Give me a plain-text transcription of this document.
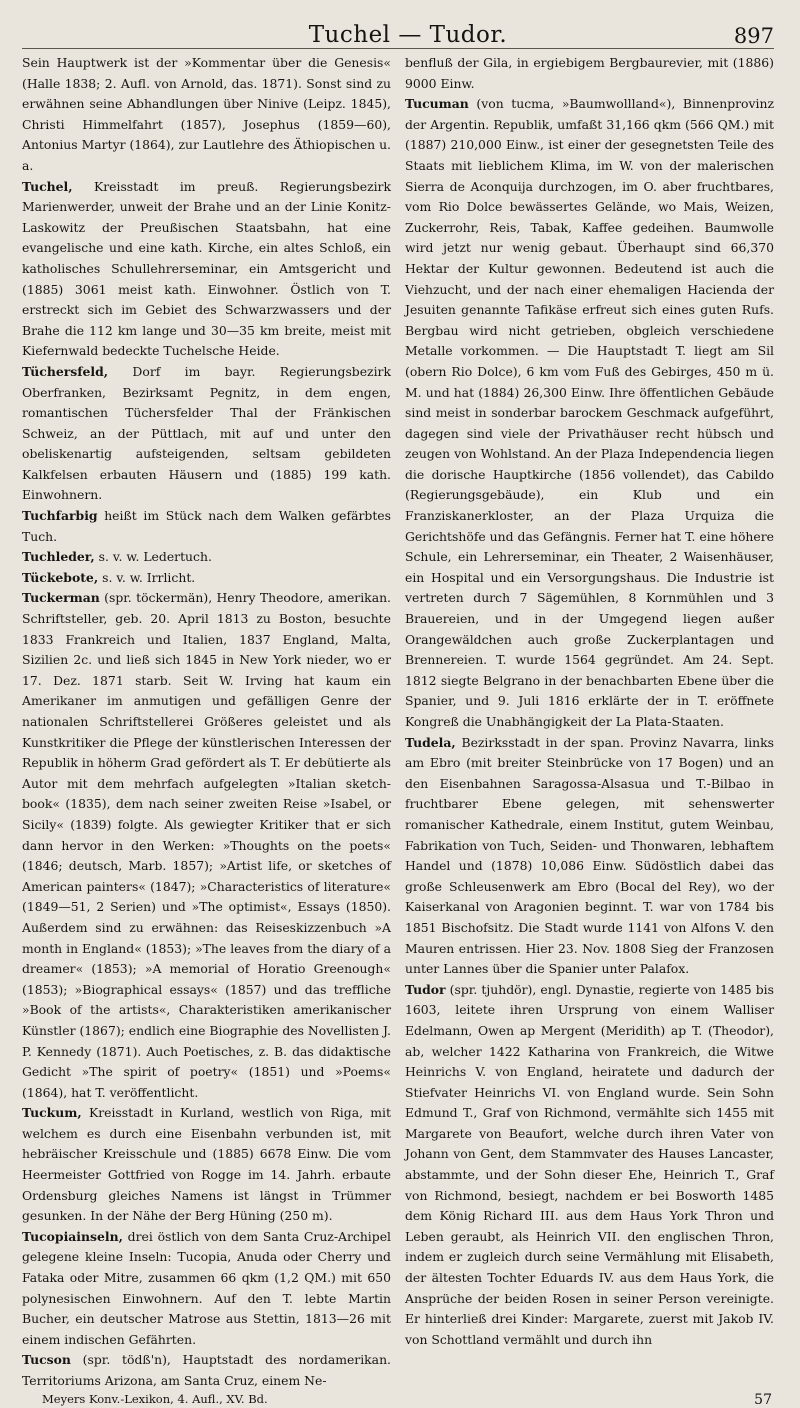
Tuchel — Tudor.	897

Sein Hauptwerk ist der »Kommentar über die Genesis« (Halle 1838; 2. Aufl. von Arnold, das. 1871). Sonst sind zu erwähnen seine Abhandlungen über Ninive (Leipz. 1845), Christi Himmelfahrt (1857), Josephus (1859—60), Antonius Martyr (1864), zur Lautlehre des Äthiopischen u. a.

Tuchel, Kreisstadt im preuß. Regierungsbezirk Marienwerder, unweit der Brahe und an der Linie Konitz-Laskowitz der Preußischen Staatsbahn, hat eine evangelische und eine kath. Kirche, ein altes Schloß, ein katholisches Schullehrerseminar, ein Amtsgericht und (1885) 3061 meist kath. Einwohner. Östlich von T. erstreckt sich im Gebiet des Schwarzwassers und der Brahe die 112 km lange und 30—35 km breite, meist mit Kiefernwald bedeckte Tuchelsche Heide.

Tüchersfeld, Dorf im bayr. Regierungsbezirk Oberfranken, Bezirksamt Pegnitz, in dem engen, romantischen Tüchersfelder Thal der Fränkischen Schweiz, an der Püttlach, mit auf und unter den obeliskenartig aufsteigenden, seltsam gebildeten Kalkfelsen erbauten Häusern und (1885) 199 kath. Einwohnern.

Tuchfarbig heißt im Stück nach dem Walken gefärbtes Tuch.

Tuchleder, s. v. w. Ledertuch.

Tückebote, s. v. w. Irrlicht.

Tuckerman (spr. töckermän), Henry Theodore, amerikan. Schriftsteller, geb. 20. April 1813 zu Boston, besuchte 1833 Frankreich und Italien, 1837 England, Malta, Sizilien 2c. und ließ sich 1845 in New York nieder, wo er 17. Dez. 1871 starb. Seit W. Irving hat kaum ein Amerikaner im anmutigen und gefälligen Genre der nationalen Schriftstellerei Größeres geleistet und als Kunstkritiker die Pflege der künstlerischen Interessen der Republik in höherm Grad gefördert als T. Er debütierte als Autor mit dem mehrfach aufgelegten »Italian sketch-book« (1835), dem nach seiner zweiten Reise »Isabel, or Sicily« (1839) folgte. Als gewiegter Kritiker that er sich dann hervor in den Werken: »Thoughts on the poets« (1846; deutsch, Marb. 1857); »Artist life, or sketches of American painters« (1847); »Characteristics of literature« (1849—51, 2 Serien) und »The optimist«, Essays (1850). Außerdem sind zu erwähnen: das Reiseskizzenbuch »A month in England« (1853); »The leaves from the diary of a dreamer« (1853); »A memorial of Horatio Greenough« (1853); »Biographical essays« (1857) und das treffliche »Book of the artists«, Charakteristiken amerikanischer Künstler (1867); endlich eine Biographie des Novellisten J. P. Kennedy (1871). Auch Poetisches, z. B. das didaktische Gedicht »The spirit of poetry« (1851) und »Poems« (1864), hat T. veröffentlicht.

Tuckum, Kreisstadt in Kurland, westlich von Riga, mit welchem es durch eine Eisenbahn verbunden ist, mit hebräischer Kreisschule und (1885) 6678 Einw. Die vom Heermeister Gottfried von Rogge im 14. Jahrh. erbaute Ordensburg gleiches Namens ist längst in Trümmer gesunken. In der Nähe der Berg Hüning (250 m).

Tucopiainseln, drei östlich von dem Santa Cruz-Archipel gelegene kleine Inseln: Tucopia, Anuda oder Cherry und Fataka oder Mitre, zusammen 66 qkm (1,2 QM.) mit 650 polynesischen Einwohnern. Auf den T. lebte Martin Bucher, ein deutscher Matrose aus Stettin, 1813—26 mit einem indischen Gefährten.

Tucson (spr. tödß'n), Hauptstadt des nordamerikan. Territoriums Arizona, am Santa Cruz, einem Ne-

benfluß der Gila, in ergiebigem Bergbaurevier, mit (1886) 9000 Einw.

Tucuman (von tucma, »Baumwollland«), Binnenprovinz der Argentin. Republik, umfaßt 31,166 qkm (566 QM.) mit (1887) 210,000 Einw., ist einer der gesegnetsten Teile des Staats mit lieblichem Klima, im W. von der malerischen Sierra de Aconquija durchzogen, im O. aber fruchtbares, vom Rio Dolce bewässertes Gelände, wo Mais, Weizen, Zuckerrohr, Reis, Tabak, Kaffee gedeihen. Baumwolle wird jetzt nur wenig gebaut. Überhaupt sind 66,370 Hektar der Kultur gewonnen. Bedeutend ist auch die Viehzucht, und der nach einer ehemaligen Hacienda der Jesuiten genannte Tafikäse erfreut sich eines guten Rufs. Bergbau wird nicht getrieben, obgleich verschiedene Metalle vorkommen. — Die Hauptstadt T. liegt am Sil (obern Rio Dolce), 6 km vom Fuß des Gebirges, 450 m ü. M. und hat (1884) 26,300 Einw. Ihre öffentlichen Gebäude sind meist in sonderbar barockem Geschmack aufgeführt, dagegen sind viele der Privathäuser recht hübsch und zeugen von Wohlstand. An der Plaza Independencia liegen die dorische Hauptkirche (1856 vollendet), das Cabildo (Regierungsgebäude), ein Klub und ein Franziskanerkloster, an der Plaza Urquiza die Gerichtshöfe und das Gefängnis. Ferner hat T. eine höhere Schule, ein Lehrerseminar, ein Theater, 2 Waisenhäuser, ein Hospital und ein Versorgungshaus. Die Industrie ist vertreten durch 7 Sägemühlen, 8 Kornmühlen und 3 Brauereien, und in der Umgegend liegen außer Orangewäldchen auch große Zuckerplantagen und Brennereien. T. wurde 1564 gegründet. Am 24. Sept. 1812 siegte Belgrano in der benachbarten Ebene über die Spanier, und 9. Juli 1816 erklärte der in T. eröffnete Kongreß die Unabhängigkeit der La Plata-Staaten.

Tudela, Bezirksstadt in der span. Provinz Navarra, links am Ebro (mit breiter Steinbrücke von 17 Bogen) und an den Eisenbahnen Saragossa-Alsasua und T.-Bilbao in fruchtbarer Ebene gelegen, mit sehenswerter romanischer Kathedrale, einem Institut, gutem Weinbau, Fabrikation von Tuch, Seiden- und Thonwaren, lebhaftem Handel und (1878) 10,086 Einw. Südöstlich dabei das große Schleusenwerk am Ebro (Bocal del Rey), wo der Kaiserkanal von Aragonien beginnt. T. war von 1784 bis 1851 Bischofsitz. Die Stadt wurde 1141 von Alfons V. den Mauren entrissen. Hier 23. Nov. 1808 Sieg der Franzosen unter Lannes über die Spanier unter Palafox.

Tudor (spr. tjuhdör), engl. Dynastie, regierte von 1485 bis 1603, leitete ihren Ursprung von einem Walliser Edelmann, Owen ap Mergent (Meridith) ap T. (Theodor), ab, welcher 1422 Katharina von Frankreich, die Witwe Heinrichs V. von England, heiratete und dadurch der Stiefvater Heinrichs VI. von England wurde. Sein Sohn Edmund T., Graf von Richmond, vermählte sich 1455 mit Margarete von Beaufort, welche durch ihren Vater von Johann von Gent, dem Stammvater des Hauses Lancaster, abstammte, und der Sohn dieser Ehe, Heinrich T., Graf von Richmond, besiegt, nachdem er bei Bosworth 1485 dem König Richard III. aus dem Haus York Thron und Leben geraubt, als Heinrich VII. den englischen Thron, indem er zugleich durch seine Vermählung mit Elisabeth, der ältesten Tochter Eduards IV. aus dem Haus York, die Ansprüche der beiden Rosen in seiner Person vereinigte. Er hinterließ drei Kinder: Margarete, zuerst mit Jakob IV. von Schottland vermählt und durch ihn

Meyers Konv.-Lexikon, 4. Aufl., XV. Bd.	57
